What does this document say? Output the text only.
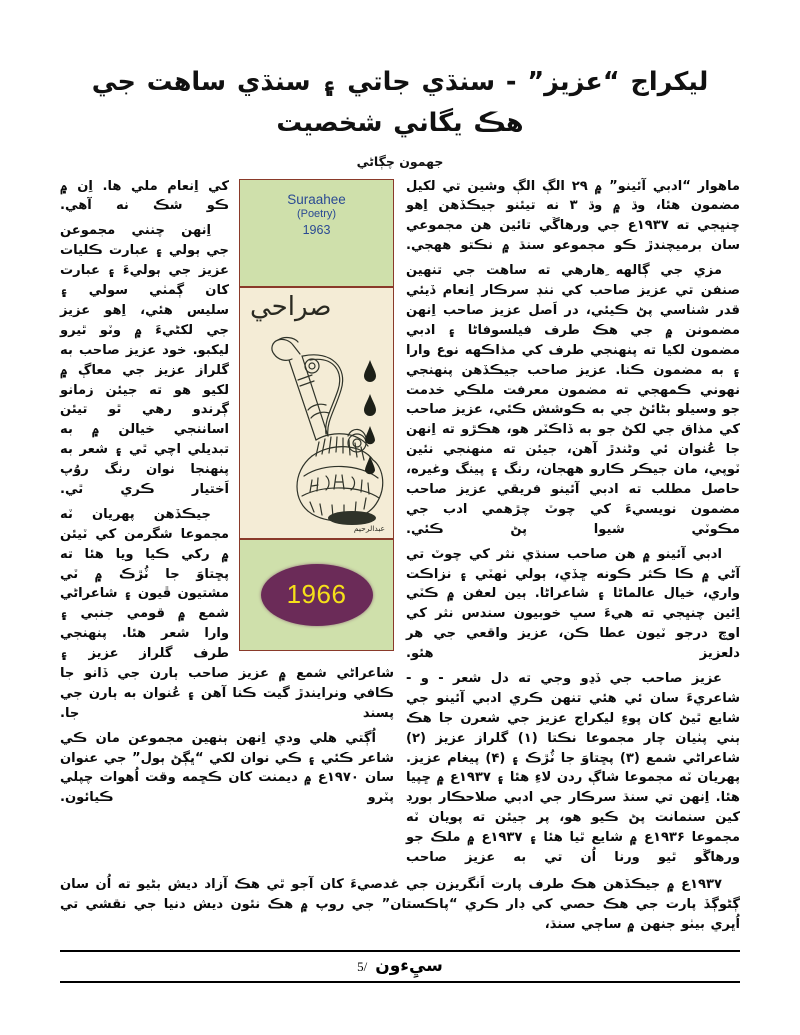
ليکراج “عزيز” - سنڌي جاتي ۽ سنڌي ساهت جي هڪ يگاني شخصيت
جهمون چڳاڻي

ماهوار “ادبي آئينو” ۾ ۲۹ الڳ الڳ وشين تي لکيل مضمون هئا، وڌ ۾ وڌ ۳ نه تيئنو جيڪڏهن اِهو چنڀجي ته ۱۹۳۷ع جي ورهاڱي تائين هن مجموعي سان برميچندڙ ڪو مجموعو سنڌ ۾ نڪتو ههجي.

مزي جي ڳالهه ِهارهي ته ساهت جي تنهين صنفن تي عزيز صاحب کي ننڊ سرڪار اِنعام ڏيئي قدر شناسي پڻ ڪيئي، در اَصل عزيز صاحب اِنهن مضمونن ۾ جي هڪ طرف فيلسوفاڻا ۽ ادبي مضمون لکيا ته پنهنجي طرف کي مذاڪهه نوع وارا ۽ به مضمون ڪنا. عزيز صاحب جيڪڏهن پنهنجي نهوني ڪمهجي ته مضمون معرفت ملڪي خدمت جو وسيلو بڻائڻ جي به ڪوشش ڪئي، عزيز صاحب کي مذاق جي لکڻ جو به ڏاڪٽر هو، هڪڙو ته اِنهن جا عُنوان ئي وڻندڙ آهن، جيئن ته منهنجي نئين ٽوپي، مان جيڪر ڪارو ههجان، رنگ ۽ پينگ وغيره، حاصل مطلب ته ادبي آئينو فريقي عزيز صاحب مضمون نويسيءَ کي چوٽ چڙهمي ادب جي مڪوٽي شيوا پڻ ڪئي.

ادبي آئينو ۾ هن صاحب سنڌي نثر کي چوٽ تي آڻي ۾ ڪا ڪثر ڪونه ڇڏي، ٻولي ٺهٽي ۽ نزاڪت واري، خيال عالماڻا ۽ شاعراڻا. ٻين لعفن ۾ ڪٽي اِئين چنڀجي ته هيءَ سڀ خوبيون سندس نثر کي اوچ درجو ٽيون عطا ڪن، عزيز واقعي جي هر دلعزيز هئو.

عزيز صاحب جي ڏڍو وجي ته دل شعر - و - شاعريءَ سان ئي هئي تنهن ڪري ادبي آئينو جي شايع ٿيڻ کان پوءِ ليکراج عزيز جي شعرن جا هڪ ٻني پٺيان چار مجموعا نڪتا (۱) گلراز عزيز (۲) شاعراڻي شمع (۳) پڇتاوَ جا ٽُڙڪ ۽ (۴) پيغام عزيز. پهريان ٽه مجموعا شاڳ ردن لاءِ هئا ۽ ۱۹۳۷ع ۾ ڇپيا هئا. اِنهن تي سنڌ سرڪار جي ادبي صلاحڪار بورڊ کين سنمانت پڻ ڪيو هو، پر جيئن ته پويان ٽه مجموعا ۱۹۳۶ع ۾ شايع ٿيا هئا ۽ ۱۹۳۷ع ۾ ملڪ جو ورهاڱو ٿيو ورنا اُن تي به عزيز صاحب

Suraahee
(Poetry)
1963
صراحي
عبدالرحيم
1966

کي اِنعام ملي ها. اِن ۾ ڪو شڪ نه آهي.

اِنهن چنني مجموعن جي ٻولي ۽ عبارت ڪليات عزيز جي ٻوليءَ ۽ عبارت کان ڳمٺي سولي ۽ سليس هئي، اِهو عزيز جي لکڻيءَ ۾ وٽو ٿيرو ليکبو. خود عزيز صاحب به گلراز عزيز جي معاڳ ۾ لکيو هو ته جيئن زمانو ڳرندو رهي ٿو تيئن اساننجي خيالن ۾ به تبديلي اچي ٿي ۽ شعر به پنهنجا نوان رنگ روُپ اَختيار ڪري ٿي.

جيڪڏهن پهريان ٽه مجموعا شگرمن کي ٽيئن ۾ رکي ڪيا ويا هئا ته پڇتاوَ جا ٽُڙڪ ۾ ٽي مشتيون ڦيون ۽ شاعراڻي شمع ۾ قومي جنبي ۽ وارا شعر هئا. پنهنجي طرف گلراز عزيز ۽ شاعراڻي شمع ۾ عزيز صاحب ٻارن جي ڏانو جا ڪافي ونرايندڙ گيت ڪنا آهن ۽ عُنوان به ٻارن جي پسند جا.

اُڳتي هلي ودي اِنهن ٻنهين مجموعن مان ڪي شاعر ڪئي ۽ ڪي نوان لکي “ڀڳڻ ٻول” جي عنوان سان ۱۹۷۰ع ۾ ديمنت کان ڪڇمه وقت اُهوات چپلي پٽرو ڪيائون.

۱۹۳۷ع ۾ جيڪڏهن هڪ طرف پارت اَنگريزن جي غدصيءَ کان آجو ٿي هڪ آزاد ديش بڻيو ته اُن سان ڳڻوڳڏ پارت جي هڪ حصي کي ڊار ڪري “پاڪستان” جي روپ ۾ هڪ نئون ديش دنيا جي نقشي تي اُڀري بيٺو جنهن ۾ ساڄي سنڌ،

سيِءون
5/
